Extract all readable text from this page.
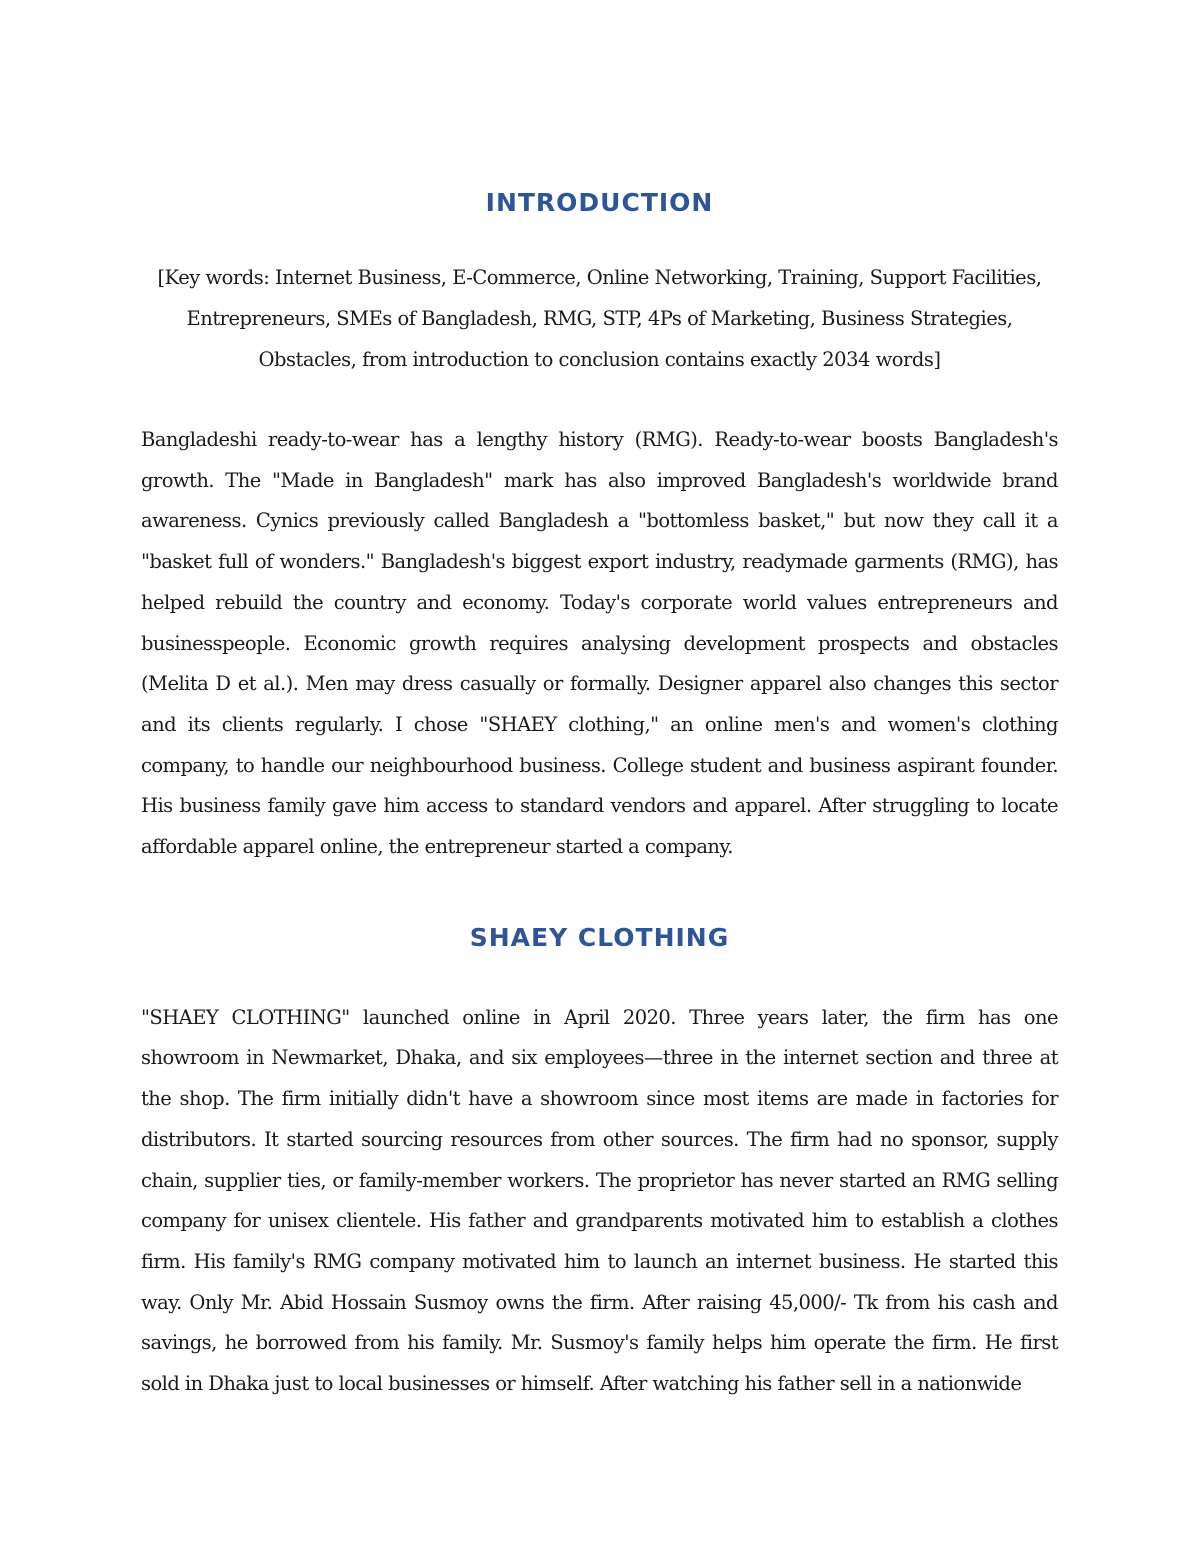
INTRODUCTION

[Key words: Internet Business, E-Commerce, Online Networking, Training, Support Facilities, Entrepreneurs, SMEs of Bangladesh, RMG, STP, 4Ps of Marketing, Business Strategies, Obstacles, from introduction to conclusion contains exactly 2034 words]

Bangladeshi ready-to-wear has a lengthy history (RMG). Ready-to-wear boosts Bangladesh's growth. The "Made in Bangladesh" mark has also improved Bangladesh's worldwide brand awareness. Cynics previously called Bangladesh a "bottomless basket," but now they call it a "basket full of wonders." Bangladesh's biggest export industry, readymade garments (RMG), has helped rebuild the country and economy. Today's corporate world values entrepreneurs and businesspeople. Economic growth requires analysing development prospects and obstacles (Melita D et al.). Men may dress casually or formally. Designer apparel also changes this sector and its clients regularly. I chose "SHAEY clothing," an online men's and women's clothing company, to handle our neighbourhood business. College student and business aspirant founder. His business family gave him access to standard vendors and apparel. After struggling to locate affordable apparel online, the entrepreneur started a company.

SHAEY CLOTHING

"SHAEY CLOTHING" launched online in April 2020. Three years later, the firm has one showroom in Newmarket, Dhaka, and six employees—three in the internet section and three at the shop. The firm initially didn't have a showroom since most items are made in factories for distributors. It started sourcing resources from other sources. The firm had no sponsor, supply chain, supplier ties, or family-member workers. The proprietor has never started an RMG selling company for unisex clientele. His father and grandparents motivated him to establish a clothes firm. His family's RMG company motivated him to launch an internet business. He started this way. Only Mr. Abid Hossain Susmoy owns the firm. After raising 45,000/- Tk from his cash and savings, he borrowed from his family. Mr. Susmoy's family helps him operate the firm. He first sold in Dhaka just to local businesses or himself. After watching his father sell in a nationwide
